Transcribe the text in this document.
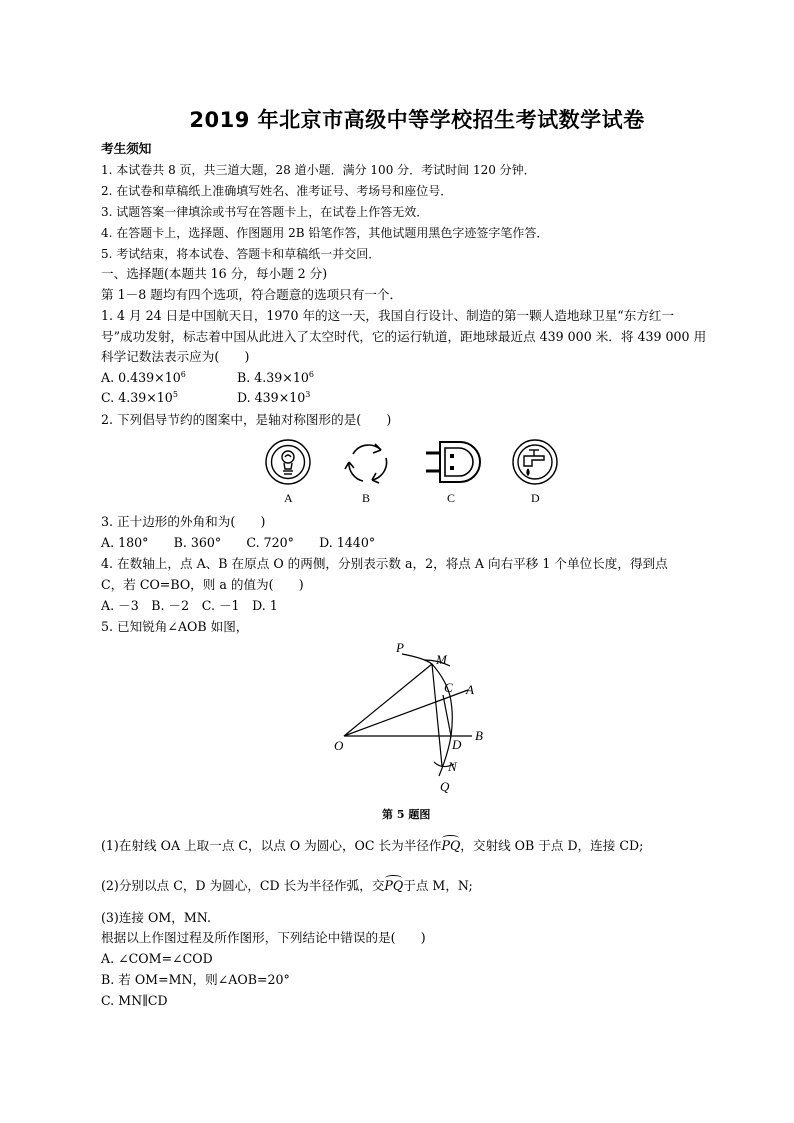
2019 年北京市高级中等学校招生考试数学试卷
考生须知
1. 本试卷共 8 页，共三道大题，28 道小题．满分 100 分．考试时间 120 分钟．
2. 在试卷和草稿纸上准确填写姓名、准考证号、考场号和座位号．
3. 试题答案一律填涂或书写在答题卡上，在试卷上作答无效．
4. 在答题卡上，选择题、作图题用 2B 铅笔作答，其他试题用黑色字迹签字笔作答．
5. 考试结束，将本试卷、答题卡和草稿纸一并交回．
一、选择题(本题共 16 分，每小题 2 分)
第 1－8 题均有四个选项，符合题意的选项只有一个．
1. 4 月 24 日是中国航天日，1970 年的这一天，我国自行设计、制造的第一颗人造地球卫星“东方红一
号”成功发射，标志着中国从此进入了太空时代，它的运行轨道，距地球最近点 439 000 米．将 439 000 用
科学记数法表示应为(　　)
A. $0.439\times 10^6$	B. $4.39\times 10^6$
C. $4.39\times 10^5$	D. $439\times 10^3$
2. 下列倡导节约的图案中，是轴对称图形的是(　　)
A	B	C	D
3. 正十边形的外角和为(　　)
A. 180°　　B. 360°　　C. 720°　　D. 1440°
4. 在数轴上，点 A、B 在原点 O 的两侧，分别表示数 a，2，将点 A 向右平移 1 个单位长度，得到点
C，若 CO=BO，则 a 的值为(　　)
A. －3　B. －2　C. －1　D. 1
5. 已知锐角∠AOB 如图，
P
M
C A
O
B
D
N
Q
第 5 题图
(1)在射线 OA 上取一点 C，以点 O 为圆心，OC 长为半径作PQ，交射线 OB 于点 D，连接 CD;
(2)分别以点 C，D 为圆心，CD 长为半径作弧，交PQ于点 M，N;
(3)连接 OM，MN.
根据以上作图过程及所作图形，下列结论中错误的是(　　)
A. ∠COM=∠COD
B. 若 OM=MN，则∠AOB=20°
C. MN∥CD
